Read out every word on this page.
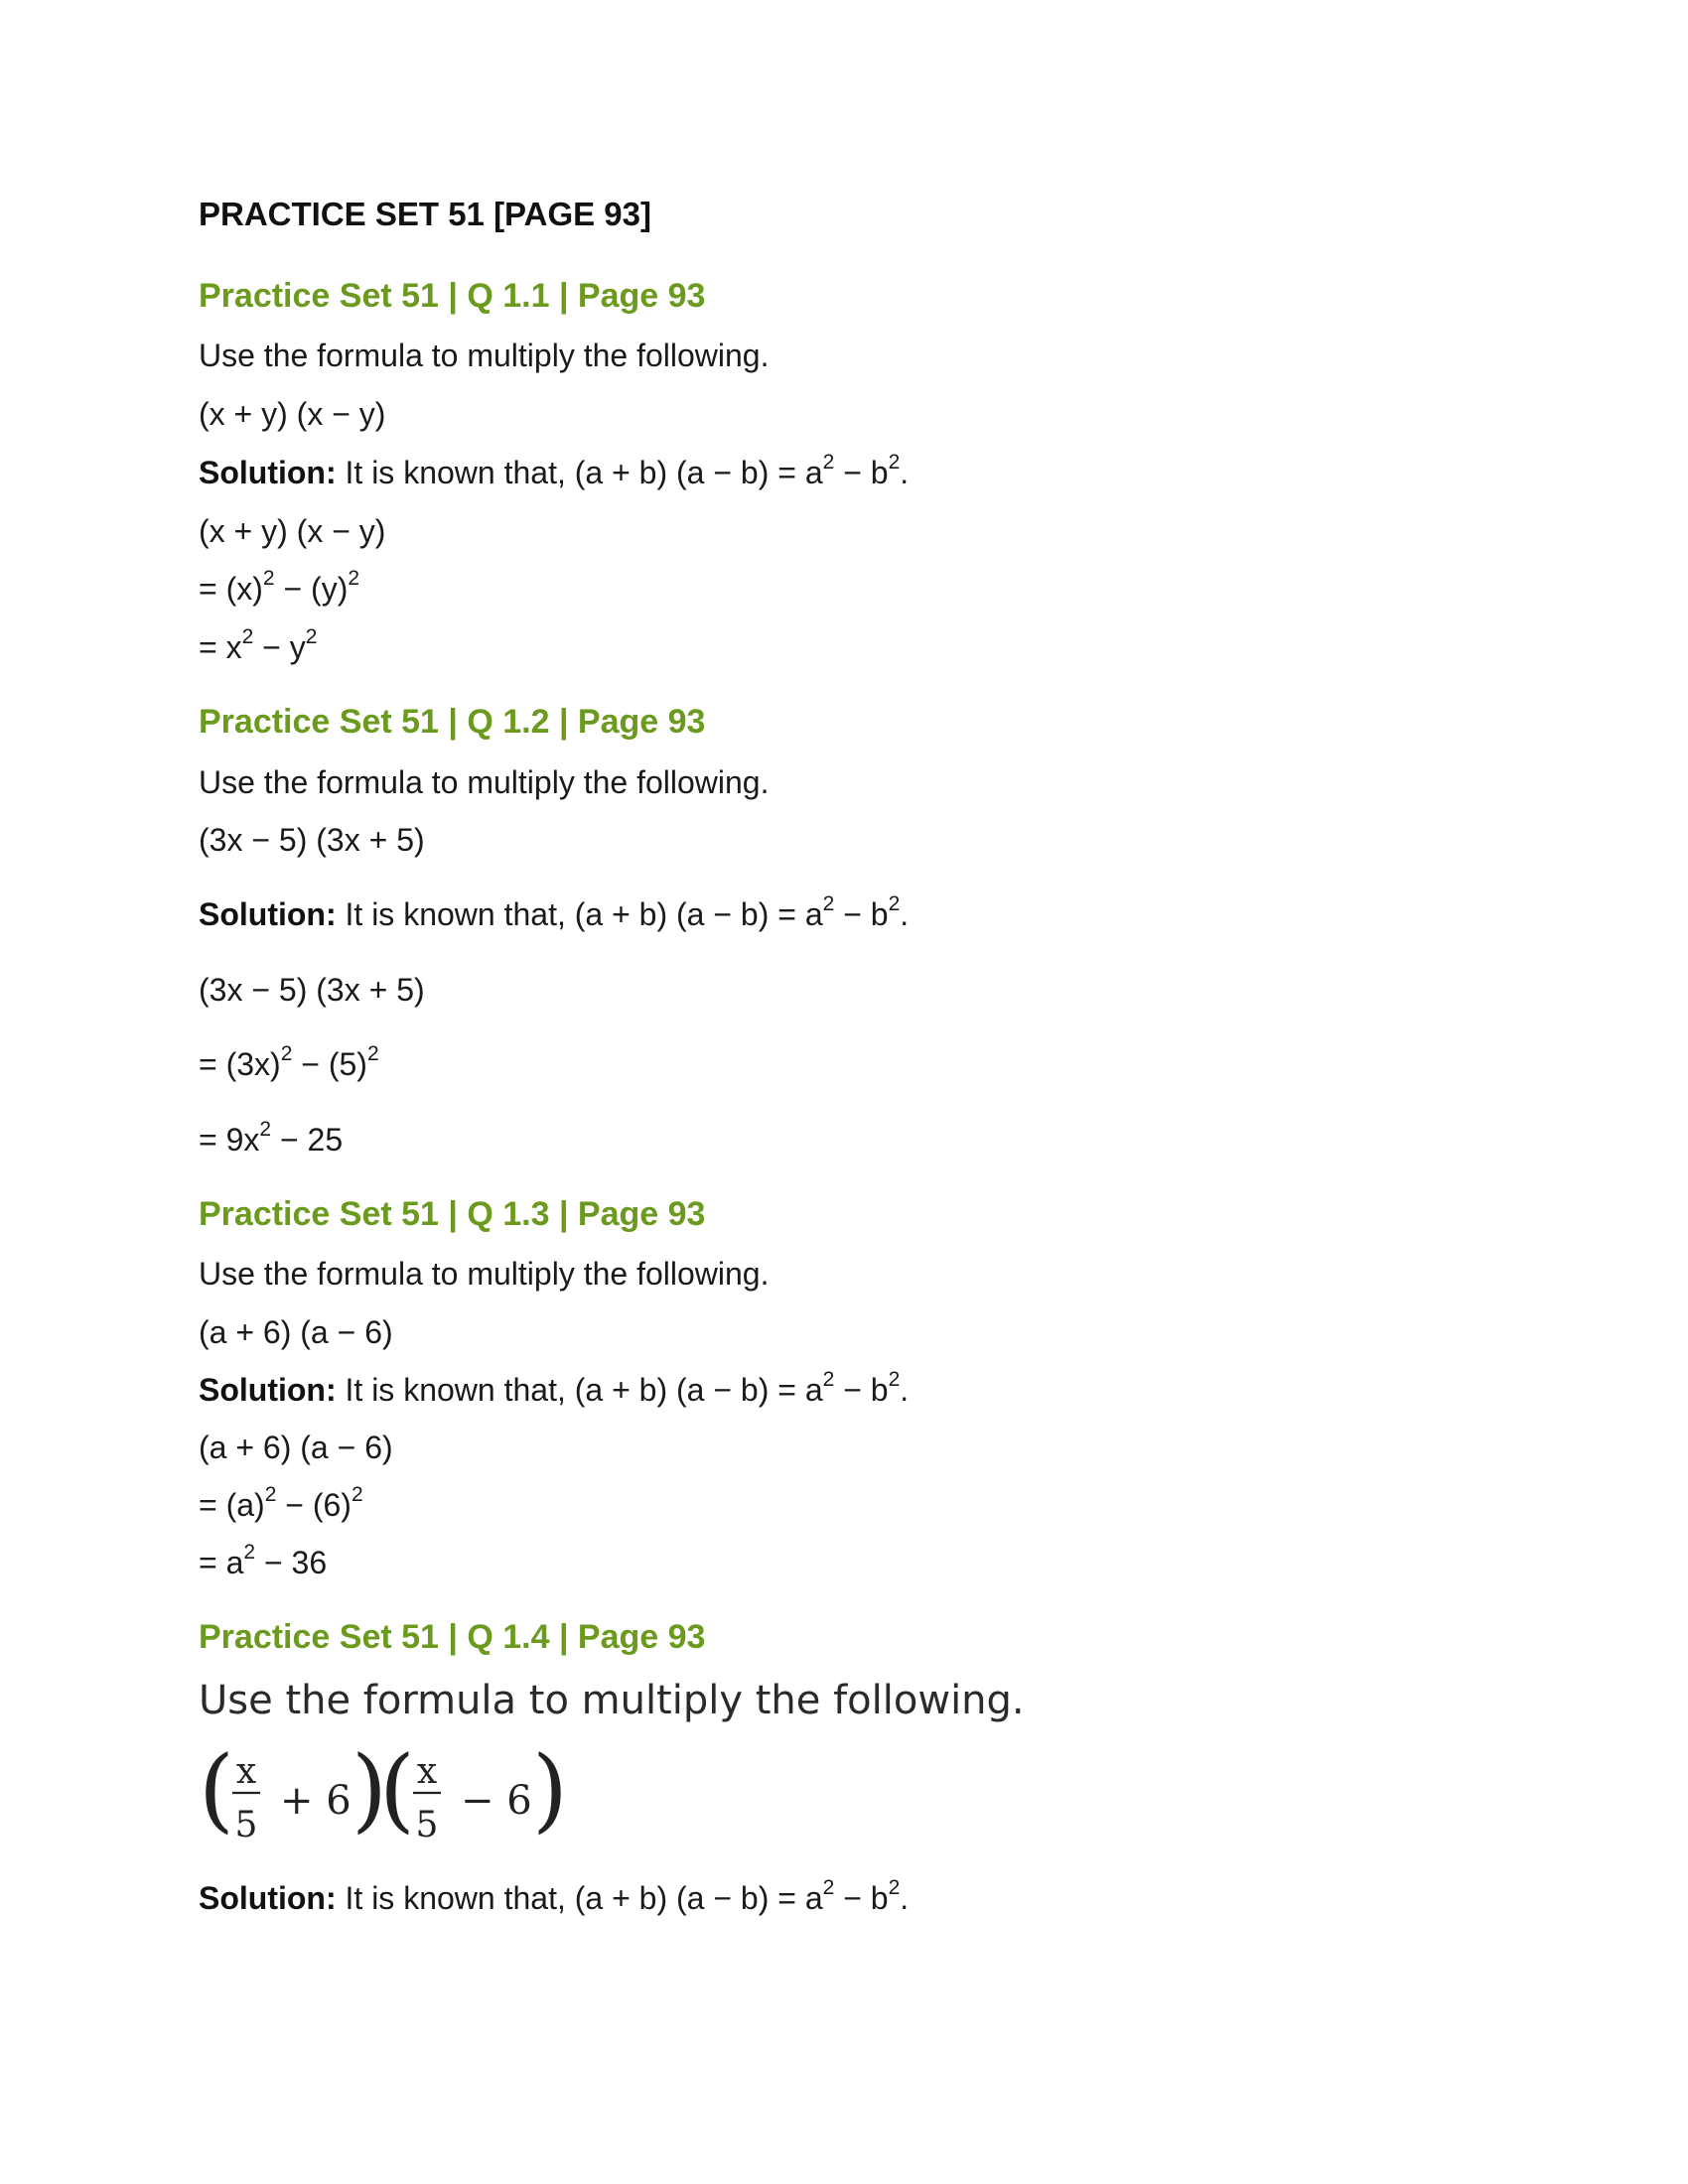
PRACTICE SET 51 [PAGE 93]
Practice Set 51 | Q 1.1 | Page 93
Use the formula to multiply the following.
(x + y) (x − y)
Solution: It is known that, (a + b) $(a - b) = a^2 - b^2$.
(x + y) (x − y)
= $(x)^2 - (y)^2$
= $x^2 - y^2$
Practice Set 51 | Q 1.2 | Page 93
Use the formula to multiply the following.
(3x − 5) (3x + 5)
Solution: It is known that, (a + b) $(a - b) = a^2 - b^2$.
(3x − 5) (3x + 5)
= $(3x)^2 - (5)^2$
= $9x^2 - 25$
Practice Set 51 | Q 1.3 | Page 93
Use the formula to multiply the following.
(a + 6) (a − 6)
Solution: It is known that, (a + b) $(a - b) = a^2 - b^2$.
(a + 6) (a − 6)
= $(a)^2 - (6)^2$
= $a^2 - 36$
Practice Set 51 | Q 1.4 | Page 93
Use the formula to multiply the following.
( x
5
+ 6 )
( x
5
− 6 )
Solution: It is known that, (a + b) $(a - b) = a^2 - b^2$.
